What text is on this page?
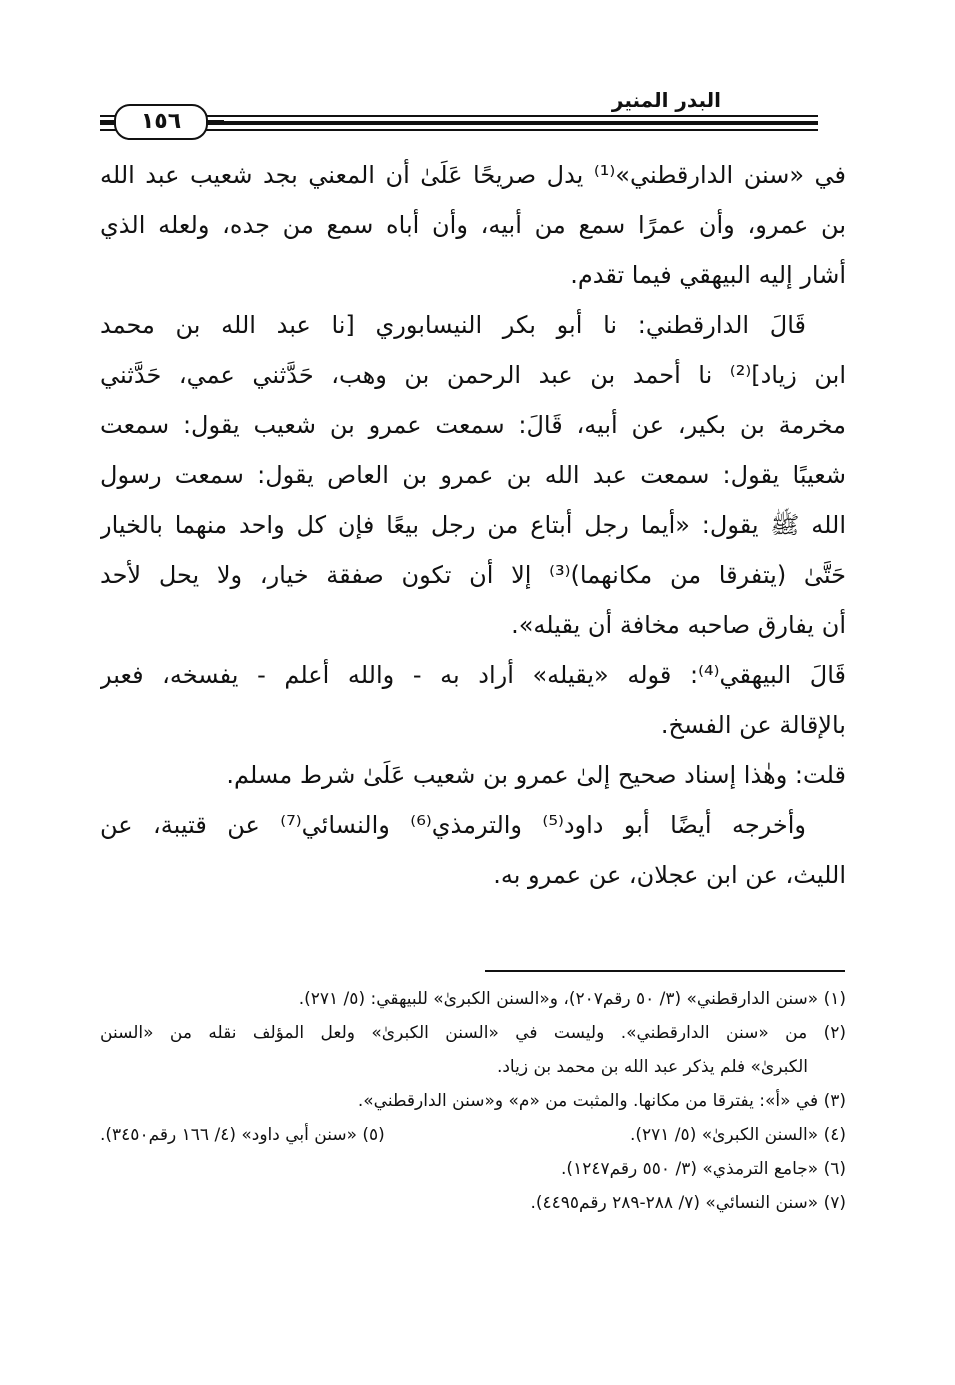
البدر المنير
١٥٦
في «سنن الدارقطني»⁽¹⁾ يدل صريحًا عَلَىٰ أن المعني بجد شعيب عبد الله
بن عمرو، وأن عمرًا سمع من أبيه، وأن أباه سمع من جده، ولعله الذي
أشار إليه البيهقي فيما تقدم.
قَالَ الدارقطني: نا أبو بكر النيسابوري [نا عبد الله بن محمد
ابن زياد]⁽²⁾ نا أحمد بن عبد الرحمن بن وهب، حَدَّثني عمي، حَدَّثني
مخرمة بن بكير، عن أبيه، قَالَ: سمعت عمرو بن شعيب يقول: سمعت
شعيبًا يقول: سمعت عبد الله بن عمرو بن العاص يقول: سمعت رسول
الله ﷺ يقول: «أيما رجل أبتاع من رجل بيعًا فإن كل واحد منهما بالخيار
حَتَّىٰ (يتفرقا من مكانهما)⁽³⁾ إلا أن تكون صفقة خيار، ولا يحل لأحد
أن يفارق صاحبه مخافة أن يقيله».
قَالَ البيهقي⁽⁴⁾: قوله «يقيله» أراد به - والله أعلم - يفسخه، فعبر
بالإقالة عن الفسخ.
قلت: وهٰذا إسناد صحيح إلىٰ عمرو بن شعيب عَلَىٰ شرط مسلم.
وأخرجه أيضًا أبو داود⁽⁵⁾ والترمذي⁽⁶⁾ والنسائي⁽⁷⁾ عن قتيبة، عن
الليث، عن ابن عجلان، عن عمرو به.
(١) «سنن الدارقطني» (٣/ ٥٠ رقم٢٠٧)، و«السنن الكبرىٰ» للبيهقي: (٥/ ٢٧١).
(٢) من «سنن الدارقطني». وليست في «السنن الكبرىٰ» ولعل المؤلف نقله من «السنن
الكبرىٰ» فلم يذكر عبد الله بن محمد بن زياد.
(٣) في «أ»: يفترقا من مكانها. والمثبت من «م» و«سنن الدارقطني».
(٤) «السنن الكبرىٰ» (٥/ ٢٧١).
(٥) «سنن أبي داود» (٤/ ١٦٦ رقم٣٤٥٠).
(٦) «جامع الترمذي» (٣/ ٥٥٠ رقم١٢٤٧).
(٧) «سنن النسائي» (٧/ ٢٨٨-٢٨٩ رقم٤٤٩٥).
